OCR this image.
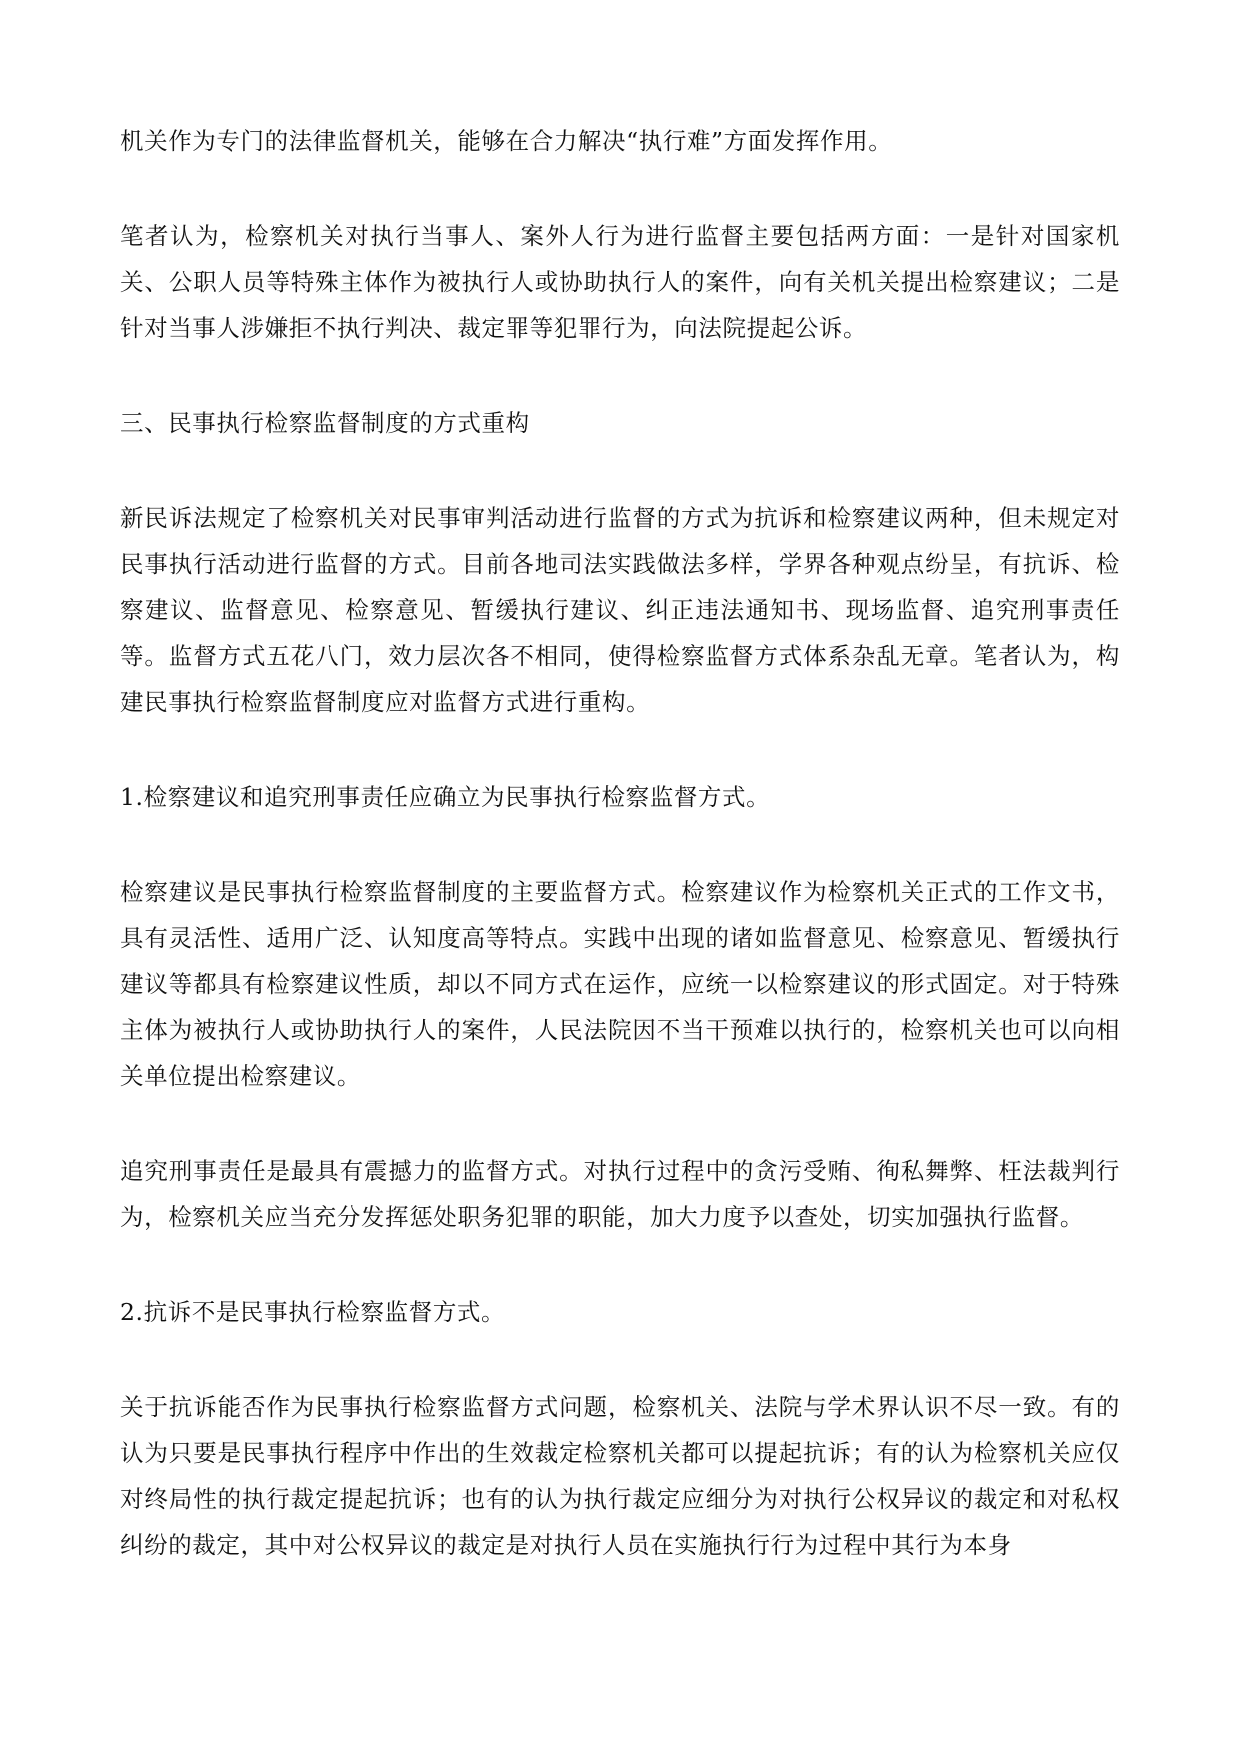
机关作为专门的法律监督机关，能够在合力解决“执行难”方面发挥作用。

笔者认为，检察机关对执行当事人、案外人行为进行监督主要包括两方面：一是针对国家机关、公职人员等特殊主体作为被执行人或协助执行人的案件，向有关机关提出检察建议；二是针对当事人涉嫌拒不执行判决、裁定罪等犯罪行为，向法院提起公诉。

三、民事执行检察监督制度的方式重构

新民诉法规定了检察机关对民事审判活动进行监督的方式为抗诉和检察建议两种，但未规定对民事执行活动进行监督的方式。目前各地司法实践做法多样，学界各种观点纷呈，有抗诉、检察建议、监督意见、检察意见、暂缓执行建议、纠正违法通知书、现场监督、追究刑事责任等。监督方式五花八门，效力层次各不相同，使得检察监督方式体系杂乱无章。笔者认为，构建民事执行检察监督制度应对监督方式进行重构。

1.检察建议和追究刑事责任应确立为民事执行检察监督方式。

检察建议是民事执行检察监督制度的主要监督方式。检察建议作为检察机关正式的工作文书，具有灵活性、适用广泛、认知度高等特点。实践中出现的诸如监督意见、检察意见、暂缓执行建议等都具有检察建议性质，却以不同方式在运作，应统一以检察建议的形式固定。对于特殊主体为被执行人或协助执行人的案件，人民法院因不当干预难以执行的，检察机关也可以向相关单位提出检察建议。

追究刑事责任是最具有震撼力的监督方式。对执行过程中的贪污受贿、徇私舞弊、枉法裁判行为，检察机关应当充分发挥惩处职务犯罪的职能，加大力度予以查处，切实加强执行监督。

2.抗诉不是民事执行检察监督方式。

关于抗诉能否作为民事执行检察监督方式问题，检察机关、法院与学术界认识不尽一致。有的认为只要是民事执行程序中作出的生效裁定检察机关都可以提起抗诉；有的认为检察机关应仅对终局性的执行裁定提起抗诉；也有的认为执行裁定应细分为对执行公权异议的裁定和对私权纠纷的裁定，其中对公权异议的裁定是对执行人员在实施执行行为过程中其行为本身
